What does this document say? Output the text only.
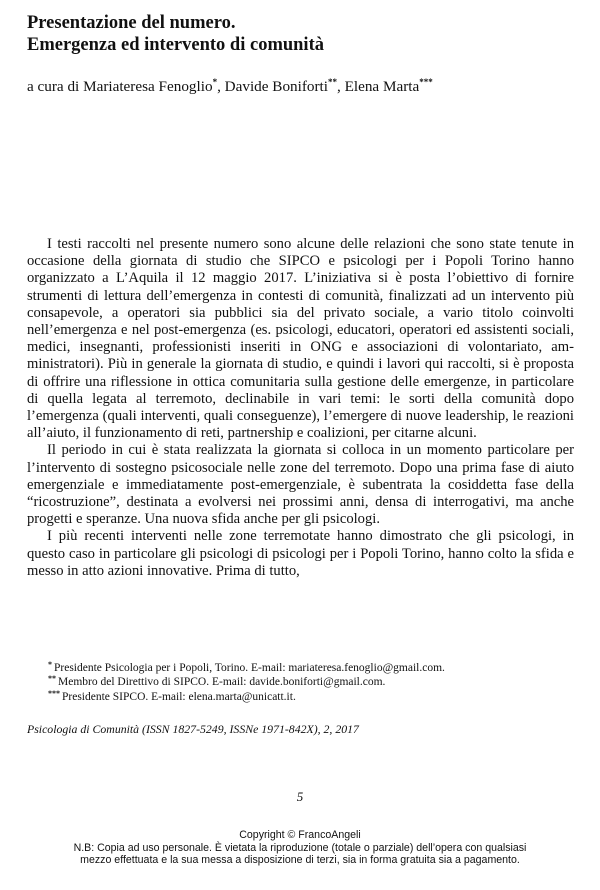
Presentazione del numero.
Emergenza ed intervento di comunità
a cura di Mariateresa Fenoglio*, Davide Boniforti**, Elena Marta***

I testi raccolti nel presente numero sono alcune delle relazioni che sono state tenute in occasione della giornata di studio che SIPCO e psicologi per i Popoli Torino hanno organizzato a L’Aquila il 12 maggio 2017. L’iniziativa si è posta l’obiettivo di fornire strumenti di lettura dell’emergenza in contesti di comunità, finalizzati ad un intervento più consapevole, a operatori sia pubblici sia del privato sociale, a vario titolo coinvolti nell’emergenza e nel post-emergenza (es. psicologi, educatori, operatori ed assistenti sociali, medici, insegnanti, professionisti inseriti in ONG e associazioni di volontariato, amministratori). Più in generale la giornata di studio, e quindi i lavori qui raccolti, si è proposta di offrire una riflessione in ottica comunitaria sulla gestione delle emergenze, in particolare di quella legata al terremoto, declinabile in vari temi: le sorti della comunità dopo l’emergenza (quali interventi, quali conseguenze), l’emergere di nuove leadership, le reazioni all’aiuto, il funzionamento di reti, partnership e coalizioni, per citarne alcuni.

Il periodo in cui è stata realizzata la giornata si colloca in un momento particolare per l’intervento di sostegno psicosociale nelle zone del terremoto. Dopo una prima fase di aiuto emergenziale e immediatamente post-emergenziale, è subentrata la cosiddetta fase della “ricostruzione”, destinata a evolversi nei prossimi anni, densa di interrogativi, ma anche progetti e speranze. Una nuova sfida anche per gli psicologi.

I più recenti interventi nelle zone terremotate hanno dimostrato che gli psicologi, in questo caso in particolare gli psicologi di psicologi per i Popoli Torino, hanno colto la sfida e messo in atto azioni innovative. Prima di tutto,

* Presidente Psicologia per i Popoli, Torino. E-mail: mariateresa.fenoglio@gmail.com.
** Membro del Direttivo di SIPCO. E-mail: davide.boniforti@gmail.com.
*** Presidente SIPCO. E-mail: elena.marta@unicatt.it.
Psicologia di Comunità (ISSN 1827-5249, ISSNe 1971-842X), 2, 2017
5
Copyright © FrancoAngeli
N.B: Copia ad uso personale. È vietata la riproduzione (totale o parziale) dell’opera con qualsiasi
mezzo effettuata e la sua messa a disposizione di terzi, sia in forma gratuita sia a pagamento.
